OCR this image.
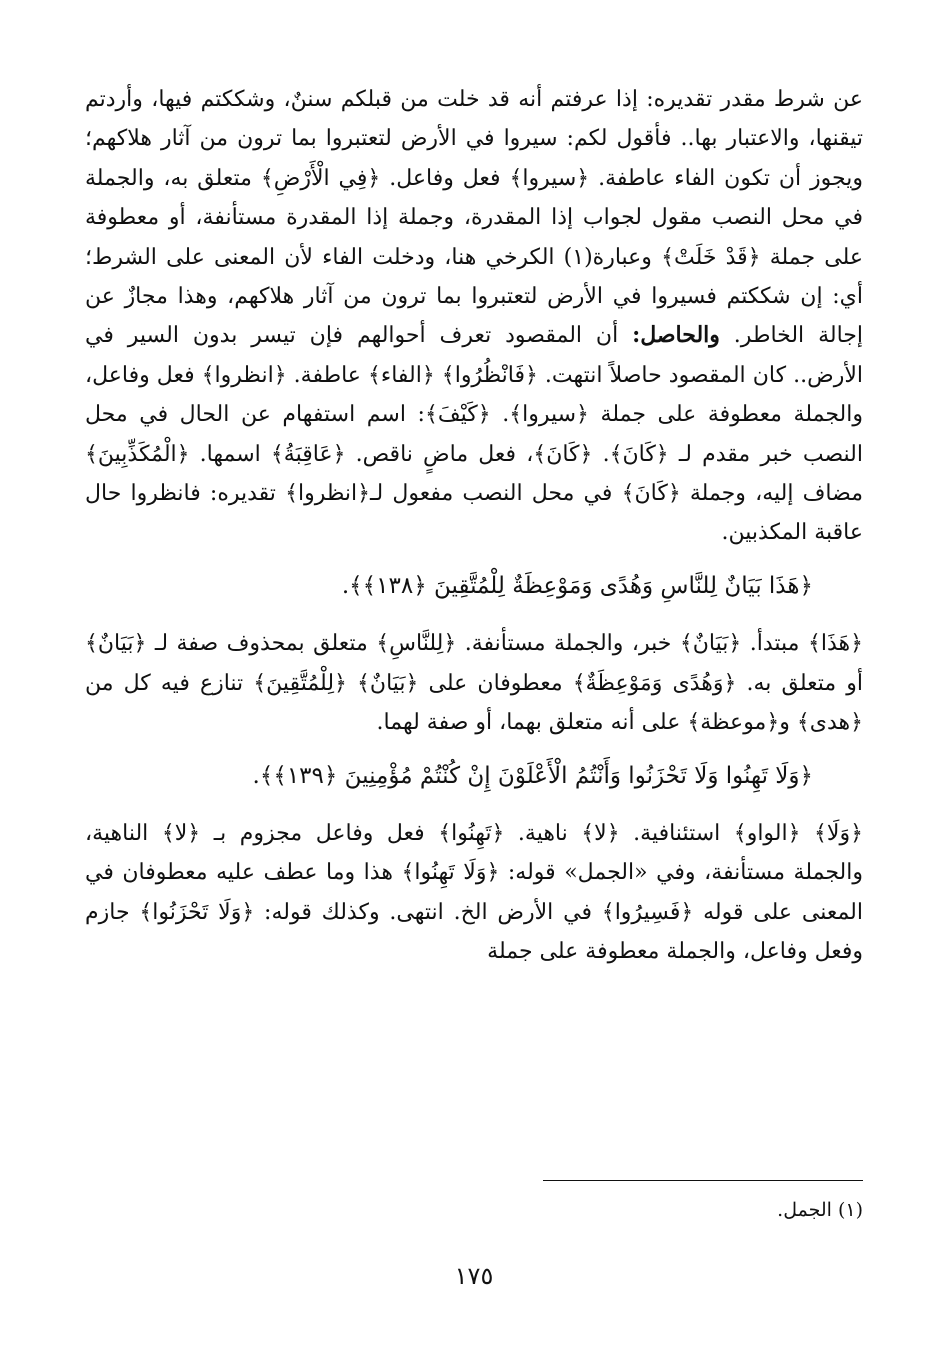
عن شرط مقدر تقديره: إذا عرفتم أنه قد خلت من قبلكم سننٌ، وشككتم فيها، وأردتم تيقنها، والاعتبار بها.. فأقول لكم: سيروا في الأرض لتعتبروا بما ترون من آثار هلاكهم؛ ويجوز أن تكون الفاء عاطفة. ﴿سيروا﴾ فعل وفاعل. ﴿فِي الْأَرْضِ﴾ متعلق به، والجملة في محل النصب مقول لجواب إذا المقدرة، وجملة إذا المقدرة مستأنفة، أو معطوفة على جملة ﴿قَدْ خَلَتْ﴾ وعبارة(١) الكرخي هنا، ودخلت الفاء لأن المعنى على الشرط؛ أي: إن شككتم فسيروا في الأرض لتعتبروا بما ترون من آثار هلاكهم، وهذا مجازٌ عن إجالة الخاطر. والحاصل: أن المقصود تعرف أحوالهم فإن تيسر بدون السير في الأرض.. كان المقصود حاصلاً انتهت. ﴿فَانْظُرُوا﴾ ﴿الفاء﴾ عاطفة. ﴿انظروا﴾ فعل وفاعل، والجملة معطوفة على جملة ﴿سيروا﴾. ﴿كَيْفَ﴾: اسم استفهام عن الحال في محل النصب خبر مقدم لـ ﴿كَانَ﴾. ﴿كَانَ﴾، فعل ماضٍ ناقص. ﴿عَاقِبَةُ﴾ اسمها. ﴿الْمُكَذِّبِينَ﴾ مضاف إليه، وجملة ﴿كَانَ﴾ في محل النصب مفعول لـ﴿انظروا﴾ تقديره: فانظروا حال عاقبة المكذبين.

﴿هَذَا بَيَانٌ لِلنَّاسِ وَهُدًى وَمَوْعِظَةٌ لِلْمُتَّقِينَ ﴿١٣٨﴾﴾.

﴿هَذَا﴾ مبتدأ. ﴿بَيَانٌ﴾ خبر، والجملة مستأنفة. ﴿لِلنَّاسِ﴾ متعلق بمحذوف صفة لـ ﴿بَيَانٌ﴾ أو متعلق به. ﴿وَهُدًى وَمَوْعِظَةٌ﴾ معطوفان على ﴿بَيَانٌ﴾ ﴿لِلْمُتَّقِينَ﴾ تنازع فيه كل من ﴿هدى﴾ و﴿موعظة﴾ على أنه متعلق بهما، أو صفة لهما.

﴿وَلَا تَهِنُوا وَلَا تَحْزَنُوا وَأَنْتُمُ الْأَعْلَوْنَ إِنْ كُنْتُمْ مُؤْمِنِينَ ﴿١٣٩﴾﴾.

﴿وَلَا﴾ ﴿الواو﴾ استئنافية. ﴿لا﴾ ناهية. ﴿تَهِنُوا﴾ فعل وفاعل مجزوم بـ ﴿لا﴾ الناهية، والجملة مستأنفة، وفي «الجمل» قوله: ﴿وَلَا تَهِنُوا﴾ هذا وما عطف عليه معطوفان في المعنى على قوله ﴿فَسِيرُوا﴾ في الأرض الخ. انتهى. وكذلك قوله: ﴿وَلَا تَحْزَنُوا﴾ جازم وفعل وفاعل، والجملة معطوفة على جملة

(١) الجمل.
١٧٥
